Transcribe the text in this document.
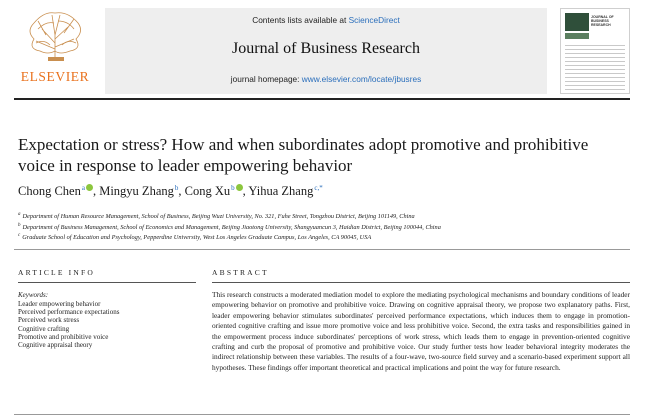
ELSEVIER
Contents lists available at ScienceDirect
Journal of Business Research
journal homepage: www.elsevier.com/locate/jbusres
JOURNAL OF BUSINESS RESEARCH
Expectation or stress? How and when subordinates adopt promotive and prohibitive voice in response to leader empowering behavior
Chong Chen$^a$ , Mingyu Zhang$^b$, Cong Xu$^b$ , Yihua Zhang$^{c,*}$
$^a$ Department of Human Resource Management, School of Business, Beijing Wuzi University, No. 321, Fuhe Street, Tongzhou District, Beijing 101149, China
$^b$ Department of Business Management, School of Economics and Management, Beijing Jiaotong University, Shangyuancun 3, Haidian District, Beijing 100044, China
$^c$ Graduate School of Education and Psychology, Pepperdine University, West Los Angeles Graduate Campus, Los Angeles, CA 90045, USA
ARTICLE INFO	ABSTRACT
Keywords:
Leader empowering behavior
Perceived performance expectations
Perceived work stress
Cognitive crafting
Promotive and prohibitive voice
Cognitive appraisal theory
This research constructs a moderated mediation model to explore the mediating psychological mechanisms and boundary conditions of leader empowering behavior on promotive and prohibitive voice. Drawing on cognitive appraisal theory, we propose two explanatory paths. First, leader empowering behavior stimulates subordinates' perceived performance expectations, which induces them to engage in promotion-oriented cognitive crafting and issue more promotive voice and less prohibitive voice. Second, the extra tasks and responsibilities gained in the empowerment process induce subordinates' perceptions of work stress, which leads them to engage in prevention-oriented cognitive crafting and curb the proposal of promotive and prohibitive voice. Our study further tests how leader behavioral integrity moderates the indirect relationship between these variables. The results of a four-wave, two-source field survey and a scenario-based experiment support all hypotheses. These findings offer important theoretical and practical implications and point the way for future research.
